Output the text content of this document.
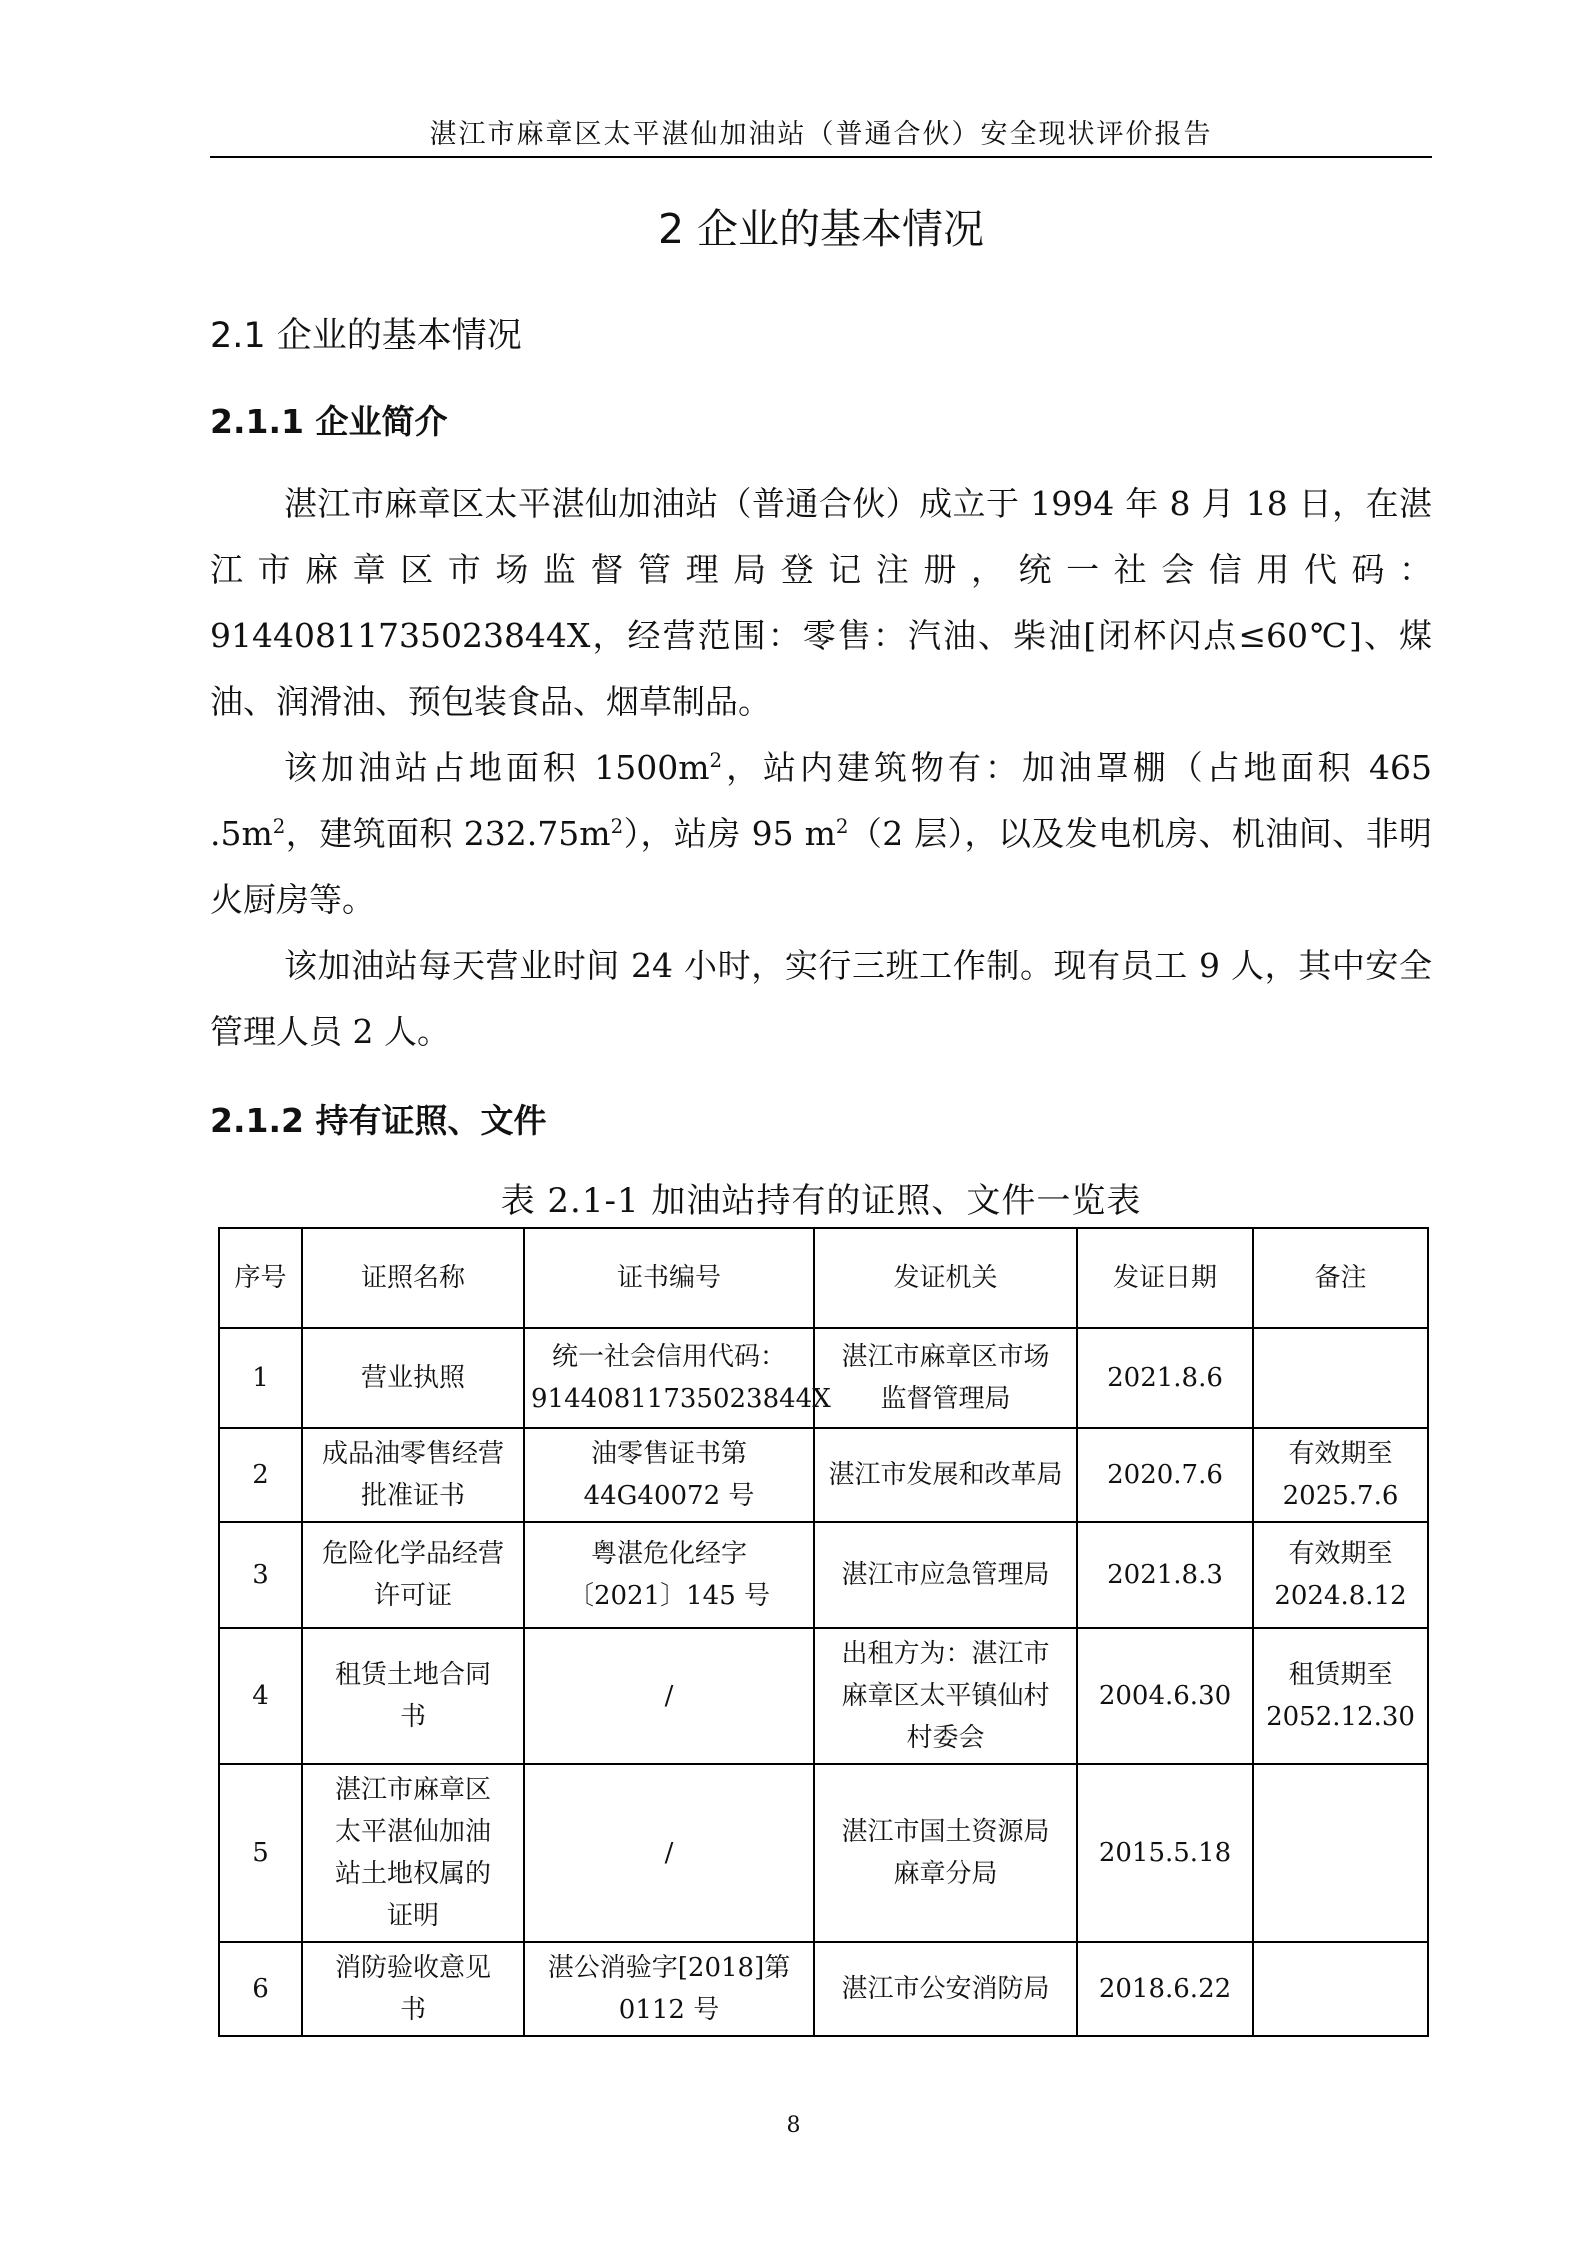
湛江市麻章区太平湛仙加油站（普通合伙）安全现状评价报告
2 企业的基本情况
2.1 企业的基本情况
2.1.1 企业简介

湛江市麻章区太平湛仙加油站（普通合伙）成立于 1994 年 8 月 18 日，在湛江市麻章区市场监督管理局登记注册，统一社会信用代码：91440811735023844X，经营范围：零售：汽油、柴油[闭杯闪点≤60℃]、煤油、润滑油、预包装食品、烟草制品。

该加油站占地面积 $1500m^2$，站内建筑物有：加油罩棚（占地面积 465 $.5m^2$，建筑面积 $232.75m^2$），站房 95 $m^2(2$ 层），以及发电机房、机油间、非明火厨房等。

该加油站每天营业时间 24 小时，实行三班工作制。现有员工 9 人，其中安全管理人员 2 人。

2.1.2 持有证照、文件
表 2.1-1 加油站持有的证照、文件一览表
序号	证照名称	证书编号	发证机关	发证日期	备注
1	营业执照	统一社会信用代码：91440811735023844X	湛江市麻章区市场监督管理局	2021.8.6	
2	成品油零售经营批准证书	油零售证书第 44G40072 号	湛江市发展和改革局	2020.7.6	有效期至 2025.7.6
3	危险化学品经营许可证	粤湛危化经字〔2021〕145 号	湛江市应急管理局	2021.8.3	有效期至 2024.8.12
4	租赁土地合同书	/	出租方为：湛江市麻章区太平镇仙村村委会	2004.6.30	租赁期至 2052.12.30
5	湛江市麻章区太平湛仙加油站土地权属的证明	/	湛江市国土资源局麻章分局	2015.5.18	
6	消防验收意见书	湛公消验字[2018]第 0112 号	湛江市公安消防局	2018.6.22	
8
